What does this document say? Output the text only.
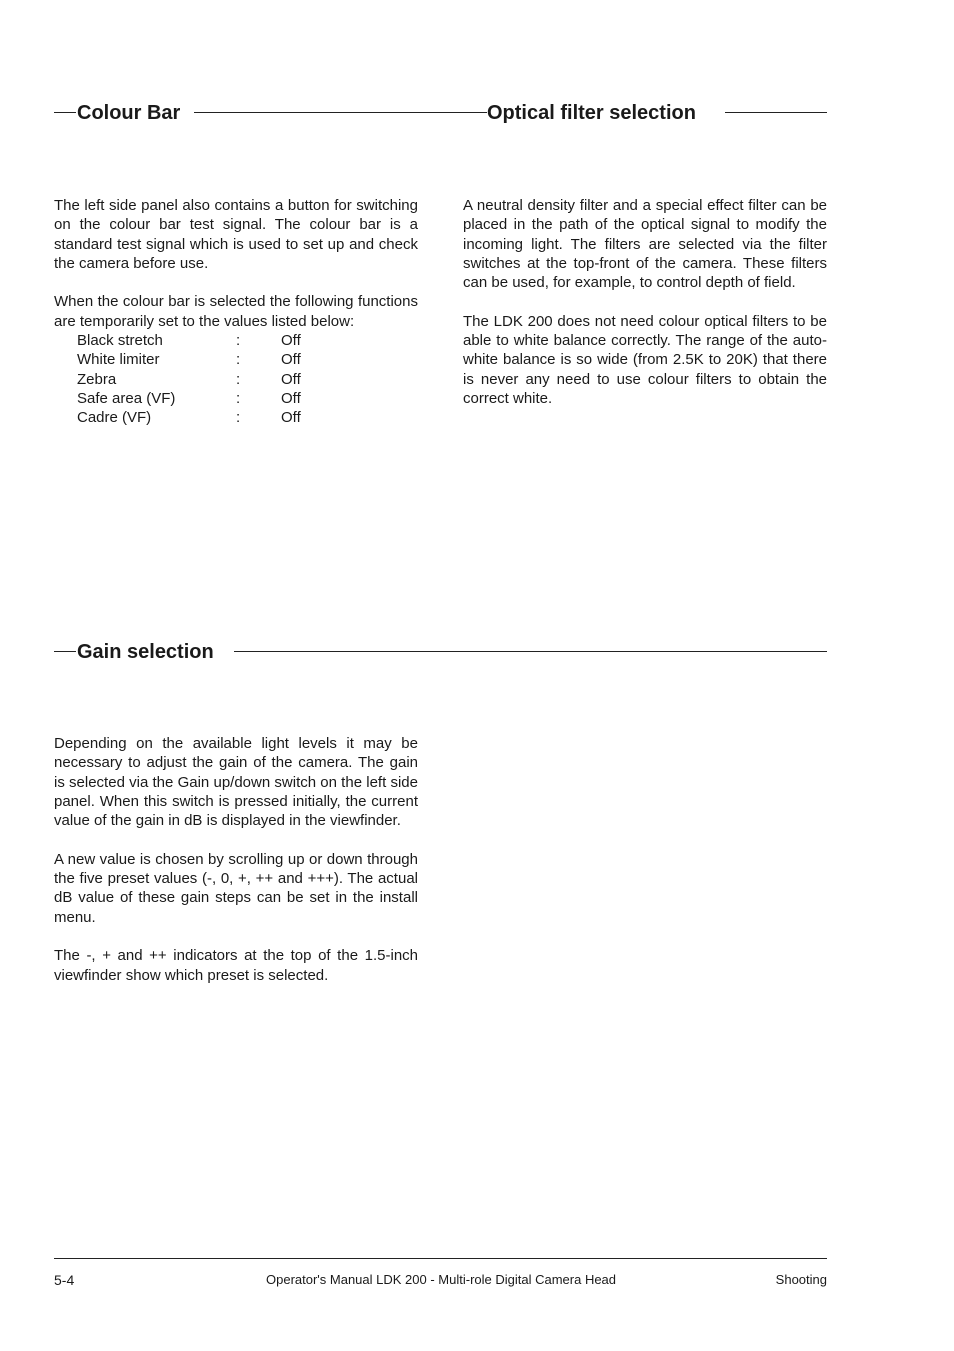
Colour Bar	Optical filter selection

The left side panel also contains a button for switching on the colour bar test signal. The colour bar is a standard test signal which is used to set up and check the camera before use.

When the colour bar is selected the following functions are temporarily set to the values listed below:

Black stretch	:	Off
White limiter	:	Off
Zebra	:	Off
Safe area (VF)	:	Off
Cadre (VF)	:	Off

A neutral density filter and a special effect filter can be placed in the path of the optical signal to modify the incoming light. The filters are selected via the filter switches at the top-front of the camera. These filters can be used, for example, to control depth of field.

The LDK 200 does not need colour optical filters to be able to white balance correctly. The range of the auto-white balance is so wide (from 2.5K to 20K) that there is never any need to use colour filters to obtain the correct white.

Gain selection

Depending on the available light levels it may be necessary to adjust the gain of the camera. The gain is selected via the Gain up/down switch on the left side panel. When this switch is pressed initially, the current value of the gain in dB is displayed in the viewfinder.

A new value is chosen by scrolling up or down through the five preset values (-, 0, +, ++ and +++). The actual dB value of these gain steps can be set in the install menu.

The -, + and ++ indicators at the top of the 1.5-inch viewfinder show which preset is selected.

5-4	Operator's Manual LDK 200 - Multi-role Digital Camera Head	Shooting
